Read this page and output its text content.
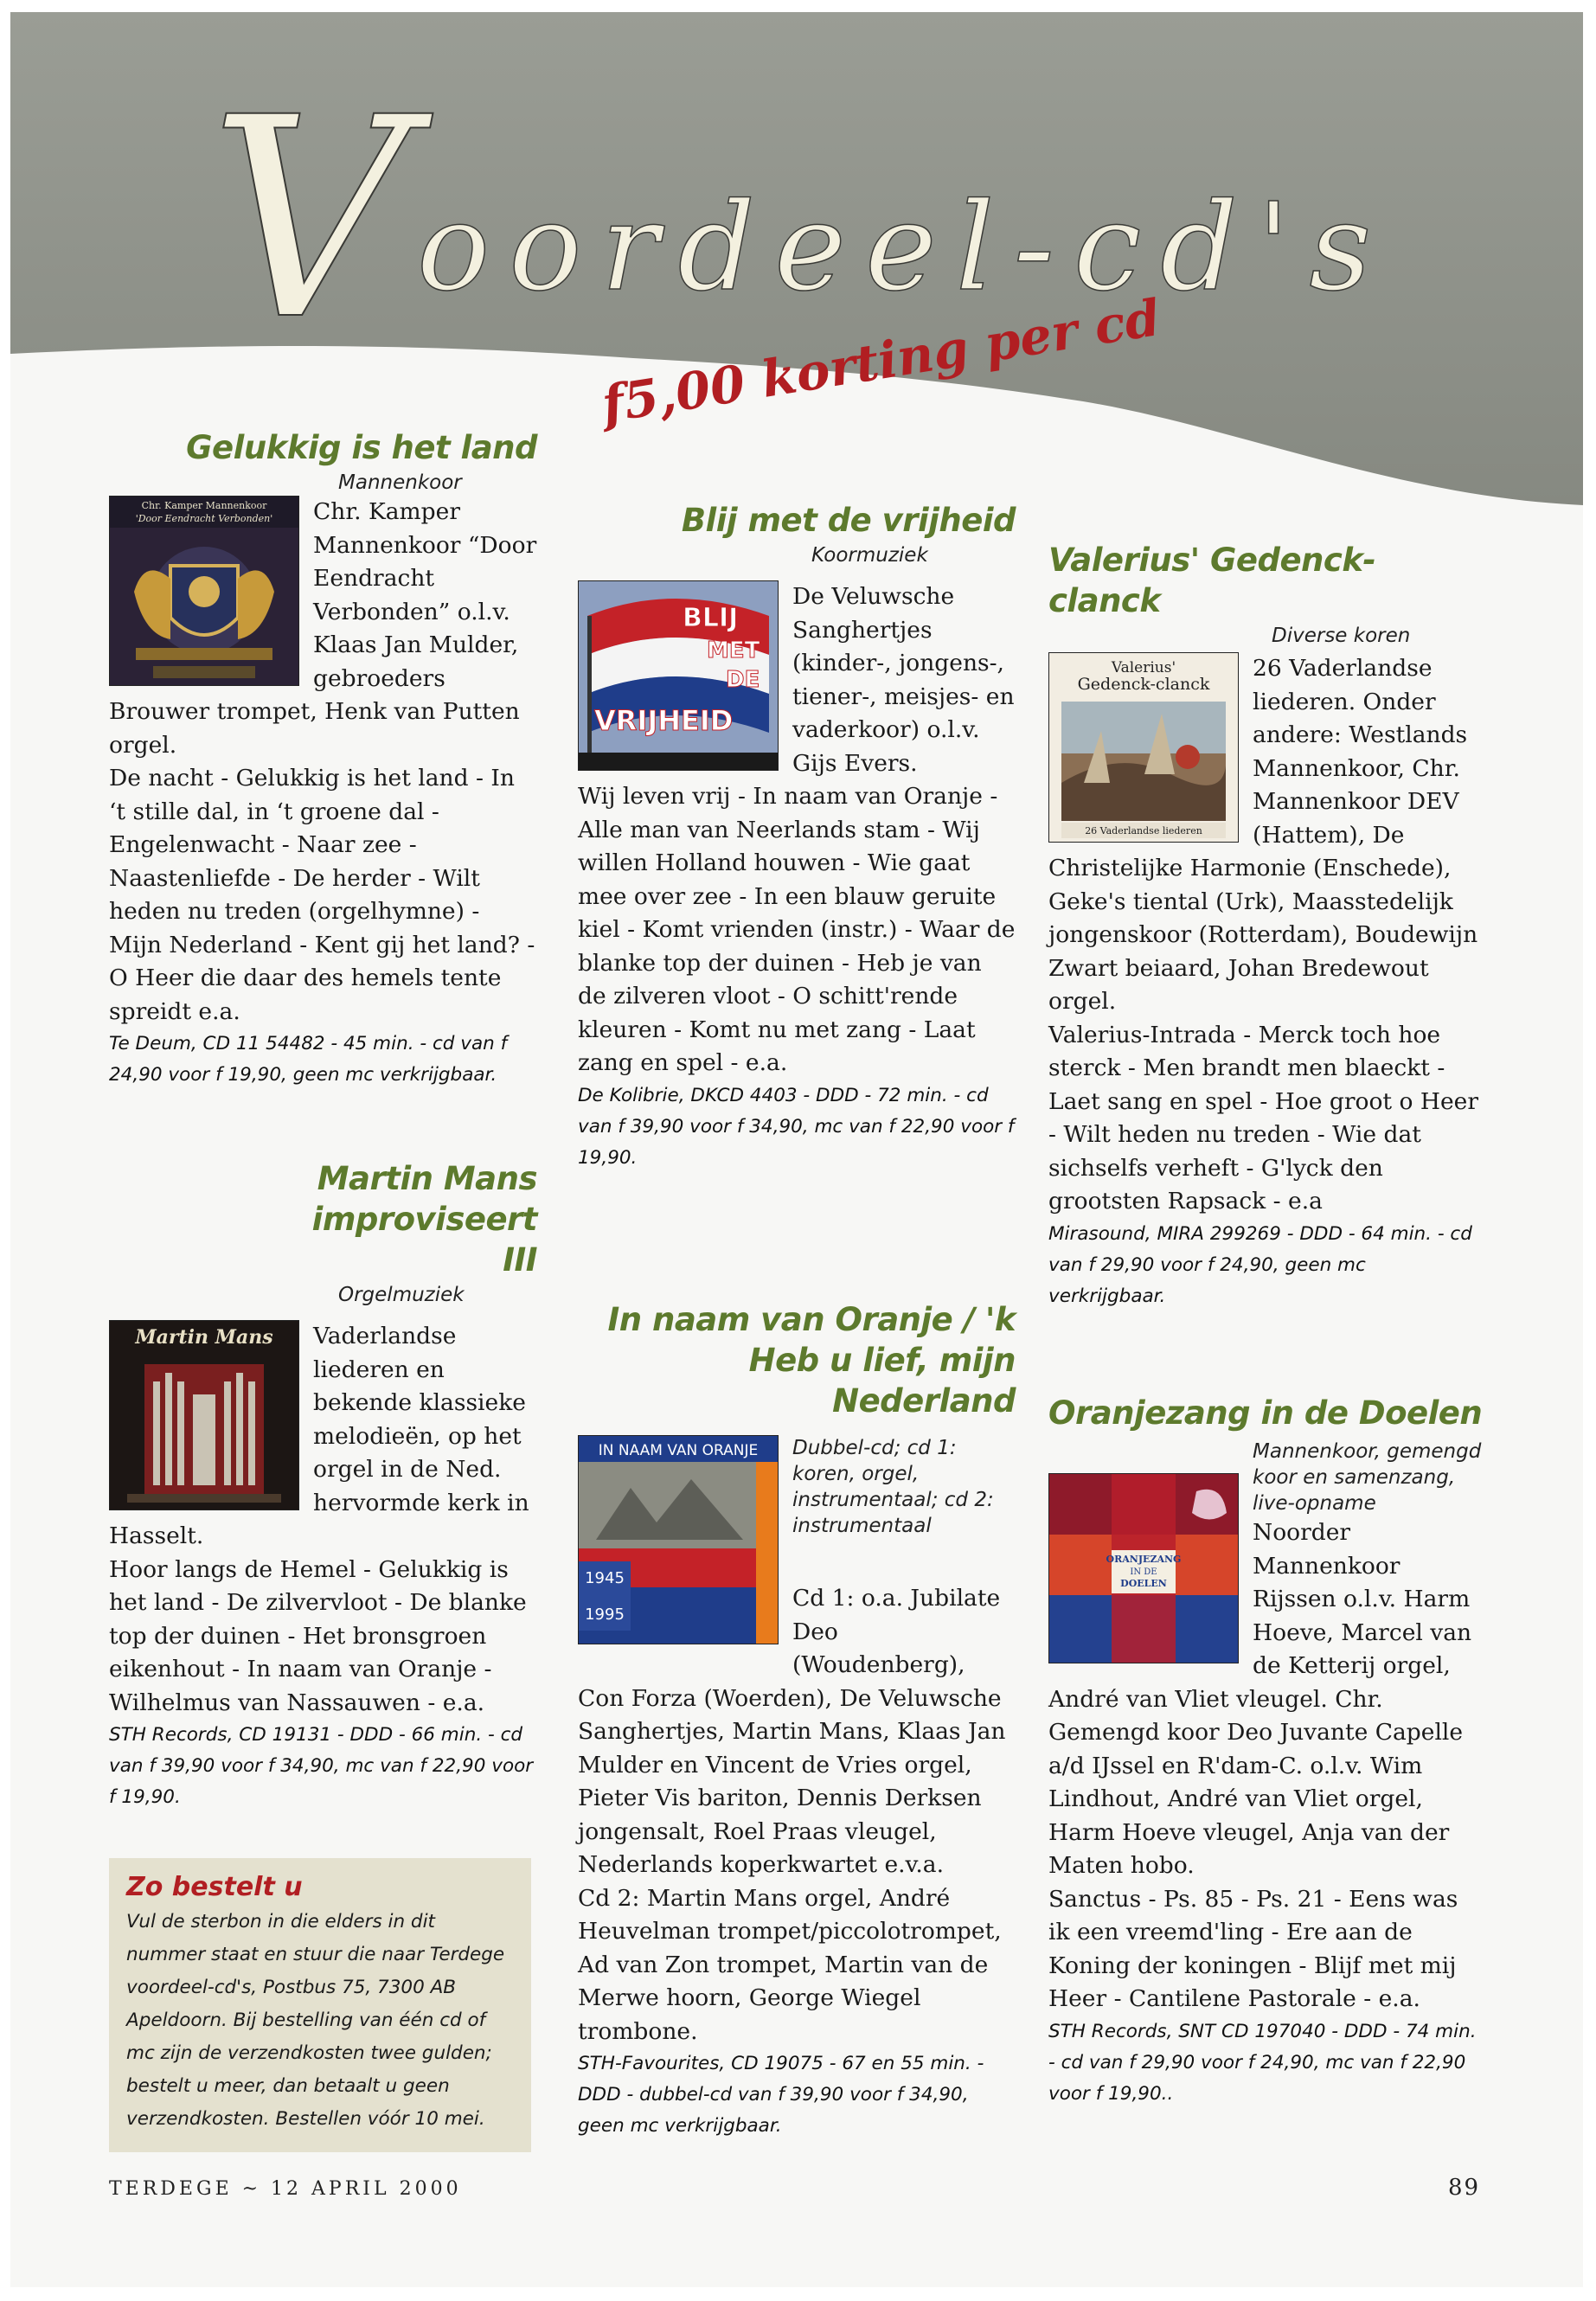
V oordeel-cd's
f5,00 korting per cd
Gelukkig is het land
Mannenkoor
Chr. Kamper Mannenkoor
'Door Eendracht Verbonden'	Chr. Kamper Mannenkoor “Door Eendracht Verbonden” o.l.v. Klaas Jan Mulder, gebroeders Brouwer trompet, Henk van Putten orgel.

De nacht - Gelukkig is het land - In ‘t stille dal, in ‘t groene dal - Engelenwacht - Naar zee - Naastenliefde - De herder - Wilt heden nu treden (orgelhymne) - Mijn Nederland - Kent gij het land? - O Heer die daar des hemels tente spreidt e.a.

Te Deum, CD 11 54482 - 45 min. - cd van f 24,90 voor f 19,90, geen mc verkrijgbaar.
Martin Mans improviseert III
Orgelmuziek
Martin Mans	Vaderlandse liederen en bekende klassieke melodieën, op het orgel in de Ned. hervormde kerk in Hasselt.

Hoor langs de Hemel - Gelukkig is het land - De zilvervloot - De blanke top der duinen - Het bronsgroen eikenhout - In naam van Oranje - Wilhelmus van Nassauwen - e.a.

STH Records, CD 19131 - DDD - 66 min. - cd van f 39,90 voor f 34,90, mc van f 22,90 voor f 19,90.
Zo bestelt u
Vul de sterbon in die elders in dit nummer staat en stuur die naar Terdege voordeel-cd's, Postbus 75, 7300 AB Apeldoorn. Bij bestelling van één cd of mc zijn de verzendkosten twee gulden; bestelt u meer, dan betaalt u geen verzendkosten. Bestellen vóór 10 mei.
Blij met de vrijheid
Koormuziek
BLIJ
MET
DE
VRIJHEID

De Veluwsche Sanghertjes (kinder-, jongens-, tiener-, meisjes- en vaderkoor) o.l.v. Gijs Evers.

Wij leven vrij - In naam van Oranje - Alle man van Neerlands stam - Wij willen Holland houwen - Wie gaat mee over zee - In een blauw geruite kiel - Komt vrienden (instr.) - Waar de blanke top der duinen - Heb je van de zilveren vloot - O schitt'rende kleuren - Komt nu met zang - Laat zang en spel - e.a.

De Kolibrie, DKCD 4403 - DDD - 72 min. - cd van f 39,90 voor f 34,90, mc van f 22,90 voor f 19,90.
In naam van Oranje / 'k Heb u lief, mijn Nederland
IN NAAM VAN ORANJE
1945
1995
Dubbel-cd; cd 1: koren, orgel, instrumentaal; cd 2: instrumentaal

Cd 1: o.a. Jubilate Deo (Woudenberg), Con Forza (Woerden), De Veluwsche Sanghertjes, Martin Mans, Klaas Jan Mulder en Vincent de Vries orgel, Pieter Vis bariton, Dennis Derksen jongensalt, Roel Praas vleugel, Nederlands koperkwartet e.v.a.

Cd 2: Martin Mans orgel, André Heuvelman trompet/piccolotrompet, Ad van Zon trompet, Martin van de Merwe hoorn, George Wiegel trombone.

STH-Favourites, CD 19075 - 67 en 55 min. - DDD - dubbel-cd van f 39,90 voor f 34,90, geen mc verkrijgbaar.
Valerius' Gedenck-clanck
Diverse koren
Valerius'
Gedenck-clanck
26 Vaderlandse liederen

26 Vaderlandse liederen. Onder andere: Westlands Mannenkoor, Chr. Mannenkoor DEV (Hattem), De Christelijke Harmonie (Enschede), Geke's tiental (Urk), Maasstedelijk jongenskoor (Rotterdam), Boudewijn Zwart beiaard, Johan Bredewout orgel.

Valerius-Intrada - Merck toch hoe sterck - Men brandt men blaeckt - Laet sang en spel - Hoe groot o Heer - Wilt heden nu treden - Wie dat sichselfs verheft - G'lyck den grootsten Rapsack - e.a

Mirasound, MIRA 299269 - DDD - 64 min. - cd van f 29,90 voor f 24,90, geen mc verkrijgbaar.
Oranjezang in de Doelen
ORANJEZANG
IN DE
DOELEN
Mannenkoor, gemengd koor en samenzang, live-opname

Noorder Mannenkoor Rijssen o.l.v. Harm Hoeve, Marcel van de Ketterij orgel, André van Vliet vleugel. Chr. Gemengd koor Deo Juvante Capelle a/d IJssel en R'dam-C. o.l.v. Wim Lindhout, André van Vliet orgel, Harm Hoeve vleugel, Anja van der Maten hobo.

Sanctus - Ps. 85 - Ps. 21 - Eens was ik een vreemd'ling - Ere aan de Koning der koningen - Blijf met mij Heer - Cantilene Pastorale - e.a.

STH Records, SNT CD 197040 - DDD - 74 min. - cd van f 29,90 voor f 24,90, mc van f 22,90 voor f 19,90..
TERDEGE ~ 12 APRIL 2000	89
